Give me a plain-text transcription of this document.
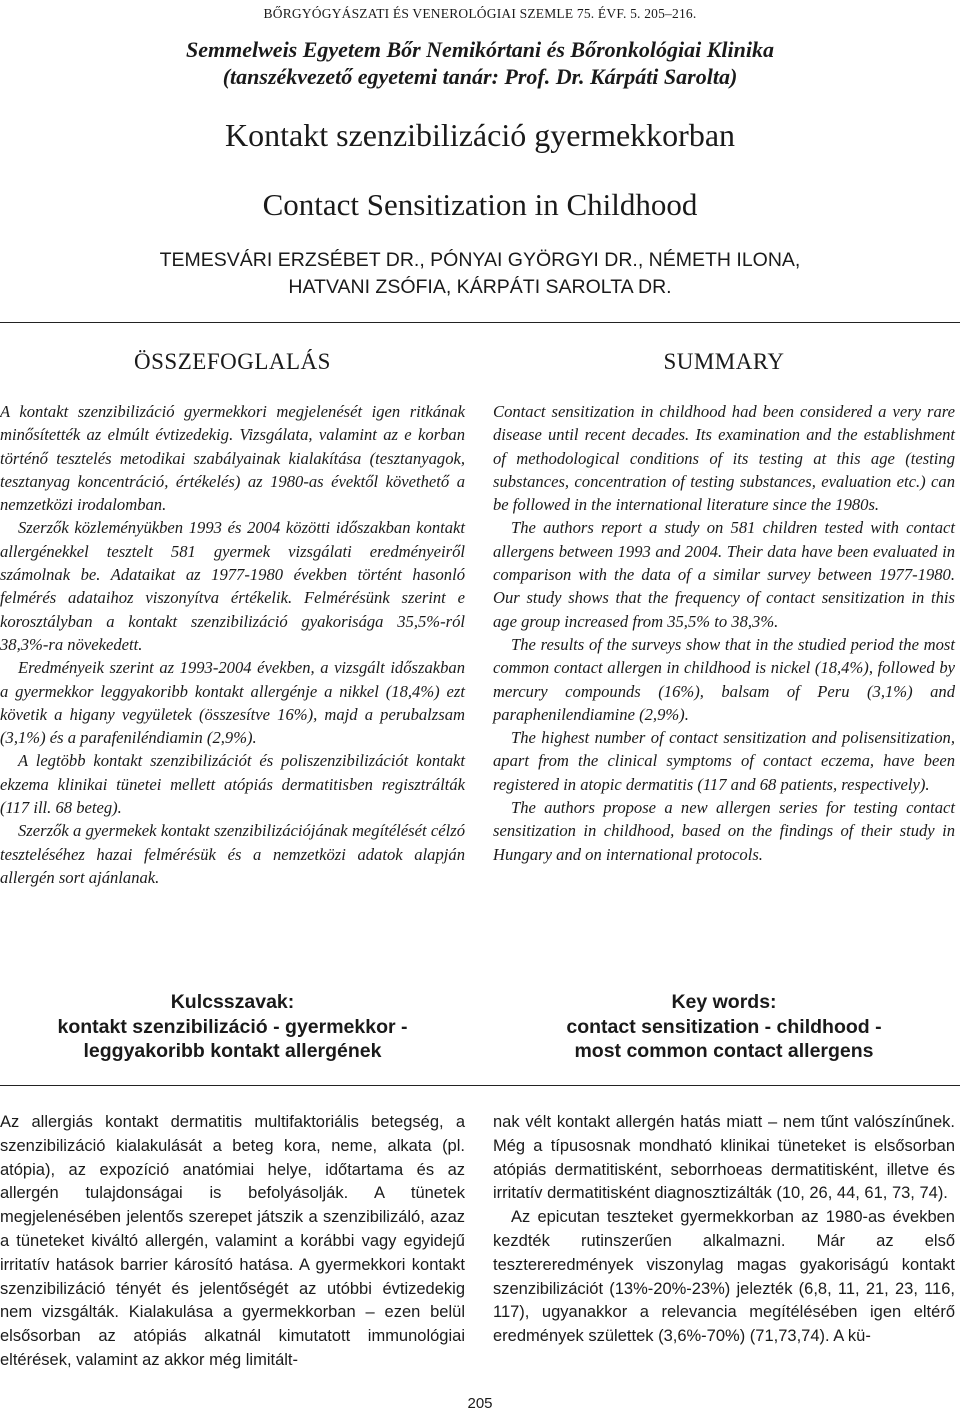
BŐRGYÓGYÁSZATI ÉS VENEROLÓGIAI SZEMLE 75. ÉVF. 5. 205–216.
Semmelweis Egyetem Bőr Nemikórtani és Bőronkológiai Klinika
(tanszékvezető egyetemi tanár: Prof. Dr. Kárpáti Sarolta)
Kontakt szenzibilizáció gyermekkorban
Contact Sensitization in Childhood
TEMESVÁRI ERZSÉBET DR., PÓNYAI GYÖRGYI DR., NÉMETH ILONA,
HATVANI ZSÓFIA, KÁRPÁTI SAROLTA DR.
ÖSSZEFOGLALÁS	SUMMARY

A kontakt szenzibilizáció gyermekkori megjelenését igen ritkának minősítették az elmúlt évtizedekig. Vizsgálata, valamint az e korban történő tesztelés metodikai szabályainak kialakítása (tesztanyagok, tesztanyag koncentráció, értékelés) az 1980-as évektől követhető a nemzetközi irodalomban.

Szerzők közleményükben 1993 és 2004 közötti időszakban kontakt allergénekkel tesztelt 581 gyermek vizsgálati eredményeiről számolnak be. Adataikat az 1977-1980 években történt hasonló felmérés adataihoz viszonyítva értékelik. Felmérésünk szerint e korosztályban a kontakt szenzibilizáció gyakorisága 35,5%-ról 38,3%-ra növekedett.

Eredményeik szerint az 1993-2004 években, a vizsgált időszakban a gyermekkor leggyakoribb kontakt allergénje a nikkel (18,4%) ezt követik a higany vegyületek (összesítve 16%), majd a perubalzsam (3,1%) és a parafeniléndiamin (2,9%).

A legtöbb kontakt szenzibilizációt és poliszenzibilizációt kontakt ekzema klinikai tünetei mellett atópiás dermatitisben regisztrálták (117 ill. 68 beteg).

Szerzők a gyermekek kontakt szenzibilizációjának megítélését célzó teszteléséhez hazai felmérésük és a nemzetközi adatok alapján allergén sort ajánlanak.

Contact sensitization in childhood had been considered a very rare disease until recent decades. Its examination and the establishment of methodological conditions of its testing at this age (testing substances, concentration of testing substances, evaluation etc.) can be followed in the international literature since the 1980s.

The authors report a study on 581 children tested with contact allergens between 1993 and 2004. Their data have been evaluated in comparison with the data of a similar survey between 1977-1980. Our study shows that the frequency of contact sensitization in this age group increased from 35,5% to 38,3%.

The results of the surveys show that in the studied period the most common contact allergen in childhood is nickel (18,4%), followed by mercury compounds (16%), balsam of Peru (3,1%) and paraphenilendiamine (2,9%).

The highest number of contact sensitization and polisensitization, apart from the clinical symptoms of contact eczema, have been registered in atopic dermatitis (117 and 68 patients, respectively).

The authors propose a new allergen series for testing contact sensitization in childhood, based on the findings of their study in Hungary and on international protocols.

Kulcsszavak:
kontakt szenzibilizáció - gyermekkor -
leggyakoribb kontakt allergének
Key words:
contact sensitization - childhood -
most common contact allergens

Az allergiás kontakt dermatitis multifaktoriális betegség, a szenzibilizáció kialakulását a beteg kora, neme, alkata (pl. atópia), az expozíció anatómiai helye, időtartama és az allergén tulajdonságai is befolyásolják. A tünetek megjelenésében jelentős szerepet játszik a szenzibilizáló, azaz a tüneteket kiváltó allergén, valamint a korábbi vagy egyidejű irritatív hatások barrier károsító hatása. A gyermekkori kontakt szenzibilizáció tényét és jelentőségét az utóbbi évtizedekig nem vizsgálták. Kialakulása a gyermekkorban – ezen belül elsősorban az atópiás alkatnál kimutatott immunológiai eltérések, valamint az akkor még limitált-

nak vélt kontakt allergén hatás miatt – nem tűnt valószínűnek. Még a típusosnak mondható klinikai tüneteket is elsősorban atópiás dermatitisként, seborrhoeas dermatitisként, illetve és irritatív dermatitisként diagnosztizálták (10, 26, 44, 61, 73, 74).

Az epicutan teszteket gyermekkorban az 1980-as években kezdték rutinszerűen alkalmazni. Már az első tesztereredmények viszonylag magas gyakoriságú kontakt szenzibilizációt (13%-20%-23%) jelezték (6,8, 11, 21, 23, 116, 117), ugyanakkor a relevancia megítélésében igen eltérő eredmények születtek (3,6%-70%) (71,73,74). A kü-

205
